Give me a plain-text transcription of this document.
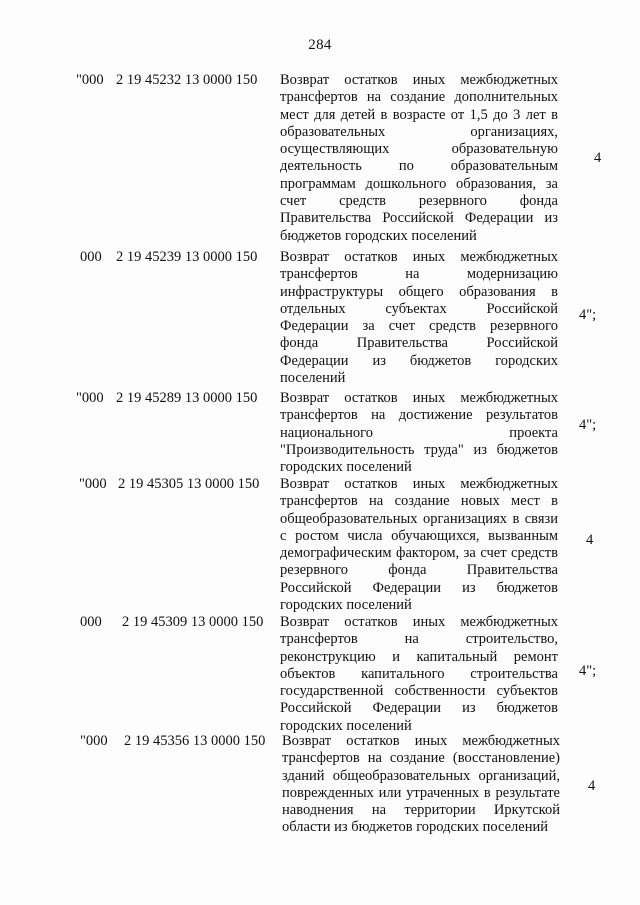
284
"000 2 19 45232 13 0000 150 Возврат остатков иных межбюджетных
трансфертов на создание дополнительных
мест для детей в возрасте от 1,5 до 3 лет в
образовательных организациях,
осуществляющих образовательную
деятельность по образовательным
программам дошкольного образования, за
счет средств резервного фонда
Правительства Российской Федерации из
бюджетов городских поселений
4
000 2 19 45239 13 0000 150 Возврат остатков иных межбюджетных
трансфертов на модернизацию
инфраструктуры общего образования в
отдельных субъектах Российской
Федерации за счет средств резервного
фонда Правительства Российской
Федерации из бюджетов городских
поселений
4";
"000 2 19 45289 13 0000 150 Возврат остатков иных межбюджетных
трансфертов на достижение результатов
национального проекта
"Производительность труда" из бюджетов
городских поселений
4";
"000 2 19 45305 13 0000 150 Возврат остатков иных межбюджетных
трансфертов на создание новых мест в
общеобразовательных организациях в связи
с ростом числа обучающихся, вызванным
демографическим фактором, за счет средств
резервного фонда Правительства
Российской Федерации из бюджетов
городских поселений
4
000 2 19 45309 13 0000 150 Возврат остатков иных межбюджетных
трансфертов на строительство,
реконструкцию и капитальный ремонт
объектов капитального строительства
государственной собственности субъектов
Российской Федерации из бюджетов
городских поселений
4";
"000 2 19 45356 13 0000 150 Возврат остатков иных межбюджетных
трансфертов на создание (восстановление)
зданий общеобразовательных организаций,
поврежденных или утраченных в результате
наводнения на территории Иркутской
области из бюджетов городских поселений
4
